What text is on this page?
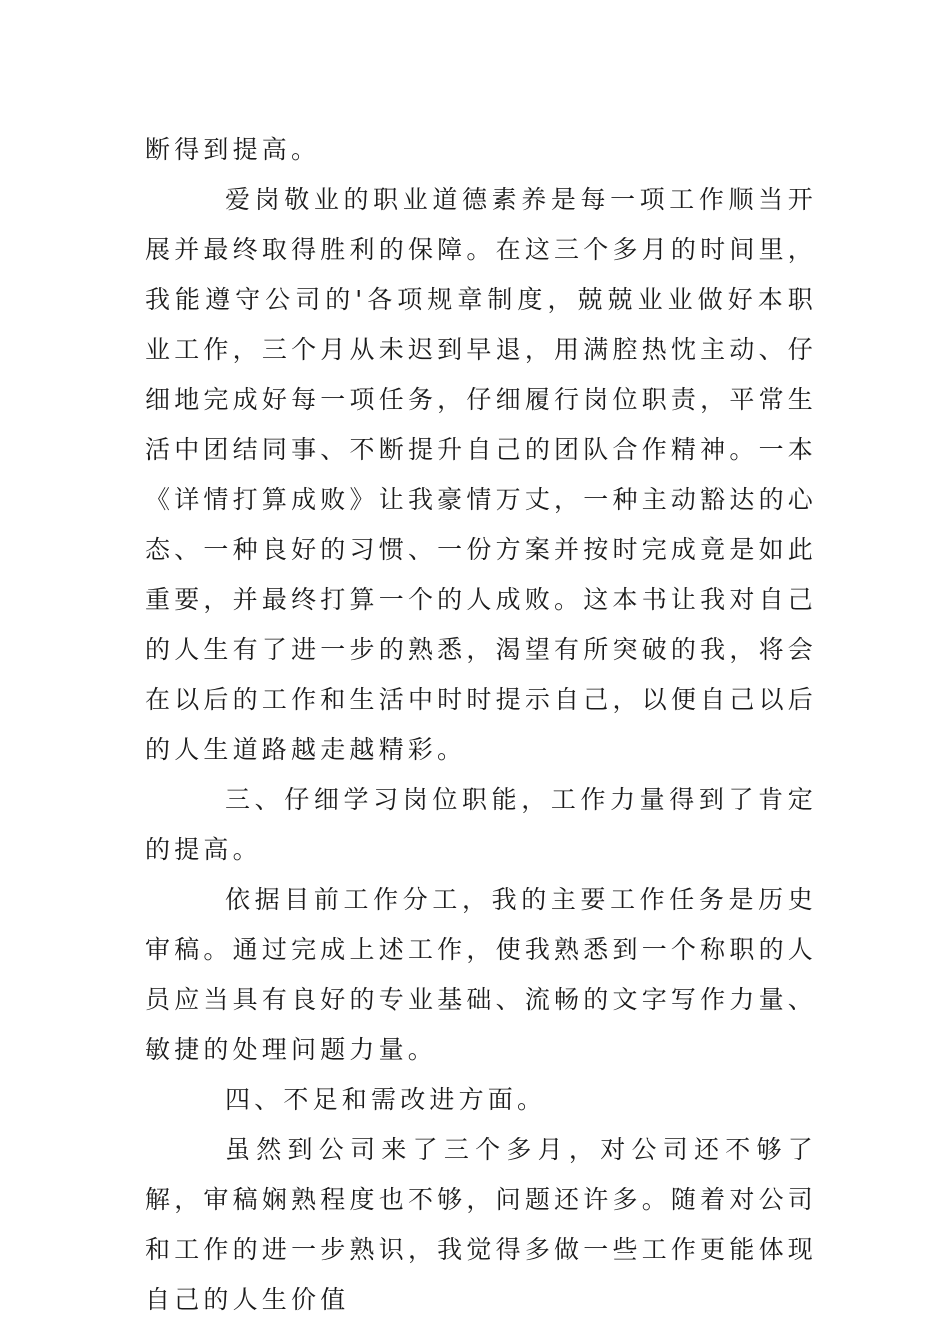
断得到提高。

爱岗敬业的职业道德素养是每一项工作顺当开展并最终取得胜利的保障。在这三个多月的时间里，我能遵守公司的'各项规章制度，兢兢业业做好本职业工作，三个月从未迟到早退，用满腔热忱主动、仔细地完成好每一项任务，仔细履行岗位职责，平常生活中团结同事、不断提升自己的团队合作精神。一本《详情打算成败》让我豪情万丈，一种主动豁达的心态、一种良好的习惯、一份方案并按时完成竟是如此重要，并最终打算一个的人成败。这本书让我对自己的人生有了进一步的熟悉，渴望有所突破的我，将会在以后的工作和生活中时时提示自己，以便自己以后的人生道路越走越精彩。

三、仔细学习岗位职能，工作力量得到了肯定的提高。

依据目前工作分工，我的主要工作任务是历史审稿。通过完成上述工作，使我熟悉到一个称职的人员应当具有良好的专业基础、流畅的文字写作力量、敏捷的处理问题力量。

四、不足和需改进方面。

虽然到公司来了三个多月，对公司还不够了解，审稿娴熟程度也不够，问题还许多。随着对公司和工作的进一步熟识，我觉得多做一些工作更能体现自己的人生价值
